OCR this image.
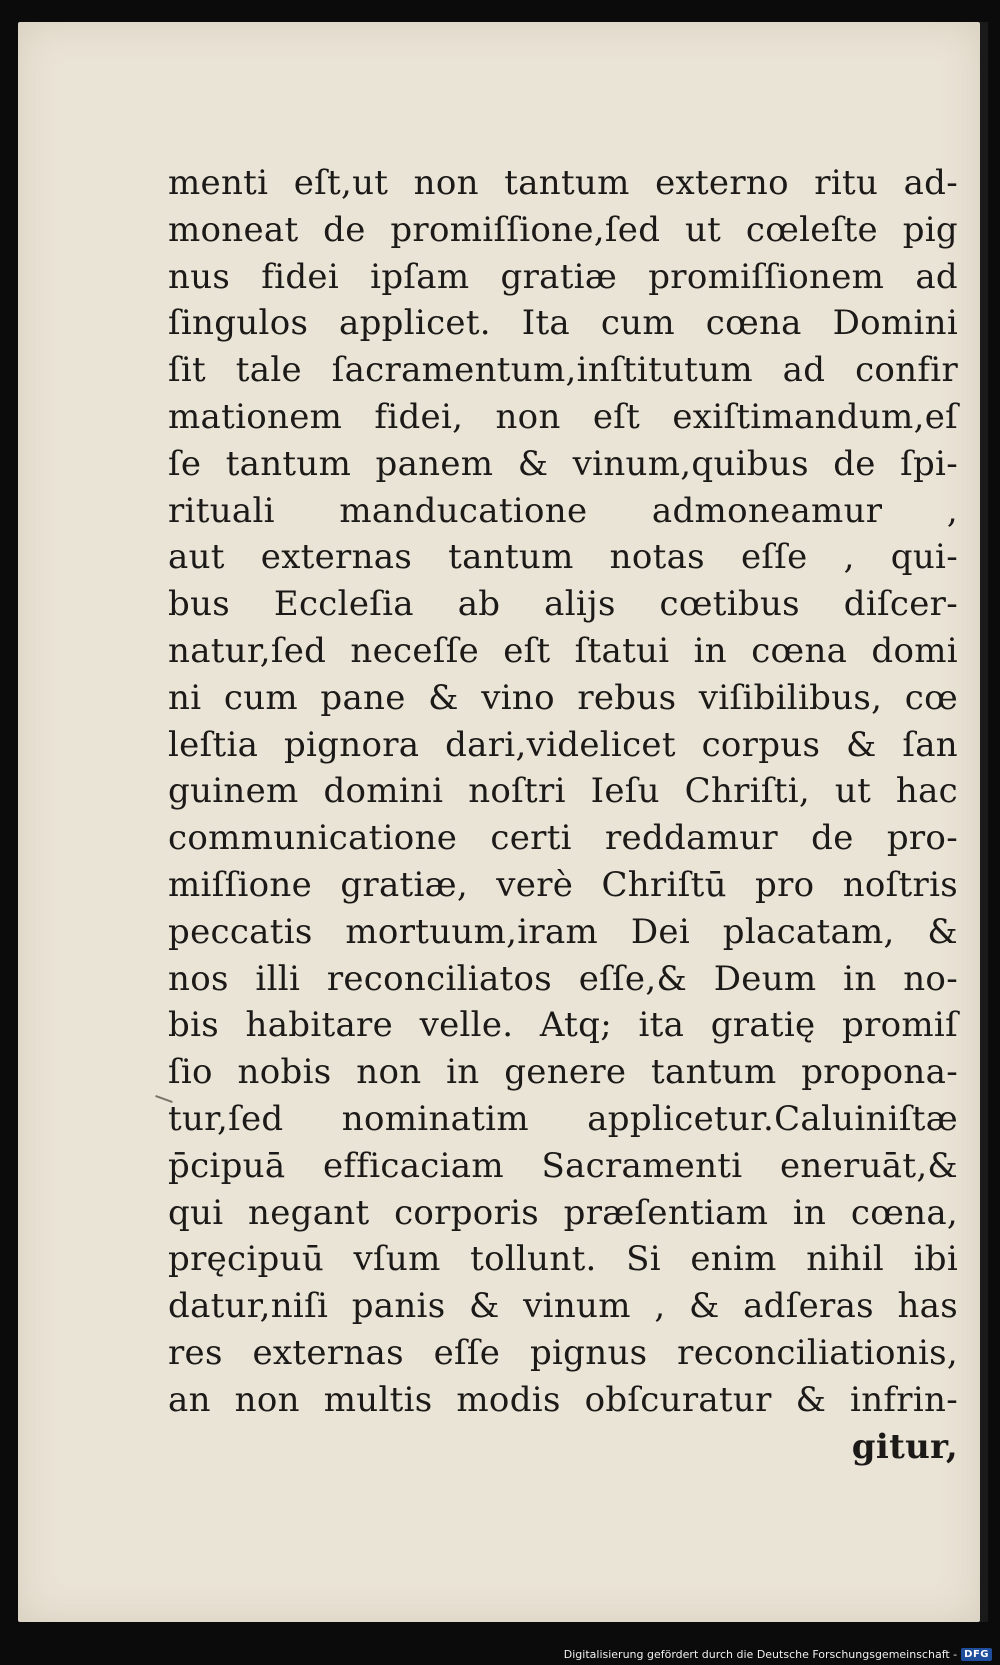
menti eſt,ut non tantum externo ritu ad-
moneat de promiſſione,ſed ut cœleſte pig
nus fidei ipſam gratiæ promiſſionem ad
ſingulos applicet. Ita cum cœna Domini
ſit tale ſacramentum,inſtitutum ad confir
mationem fidei, non eſt exiſtimandum,eſ
ſe tantum panem & vinum,quibus de ſpi-
rituali manducatione admoneamur ,
aut externas tantum notas eſſe , qui-
bus Eccleſia ab alijs cœtibus diſcer-
natur,ſed neceſſe eſt ſtatui in cœna domi
ni cum pane & vino rebus viſibilibus, cœ
leſtia pignora dari,videlicet corpus & ſan
guinem domini noſtri Ieſu Chriſti, ut hac
communicatione certi reddamur de pro-
miſſione gratiæ, verè Chriſtū pro noſtris
peccatis mortuum,iram Dei placatam, &
nos illi reconciliatos eſſe,& Deum in no-
bis habitare velle. Atq; ita gratię promiſ
ſio nobis non in genere tantum propona-
tur,ſed nominatim applicetur.Caluiniſtæ
p̄cipuā efficaciam Sacramenti eneruāt,&
qui negant corporis præſentiam in cœna,
pręcipuū vſum tollunt. Si enim nihil ibi
datur,niſi panis & vinum , & adſeras has
res externas eſſe pignus reconciliationis,
an non multis modis obſcuratur & infrin-
gitur,
Digitalisierung gefördert durch die Deutsche Forschungsgemeinschaft - DFG
